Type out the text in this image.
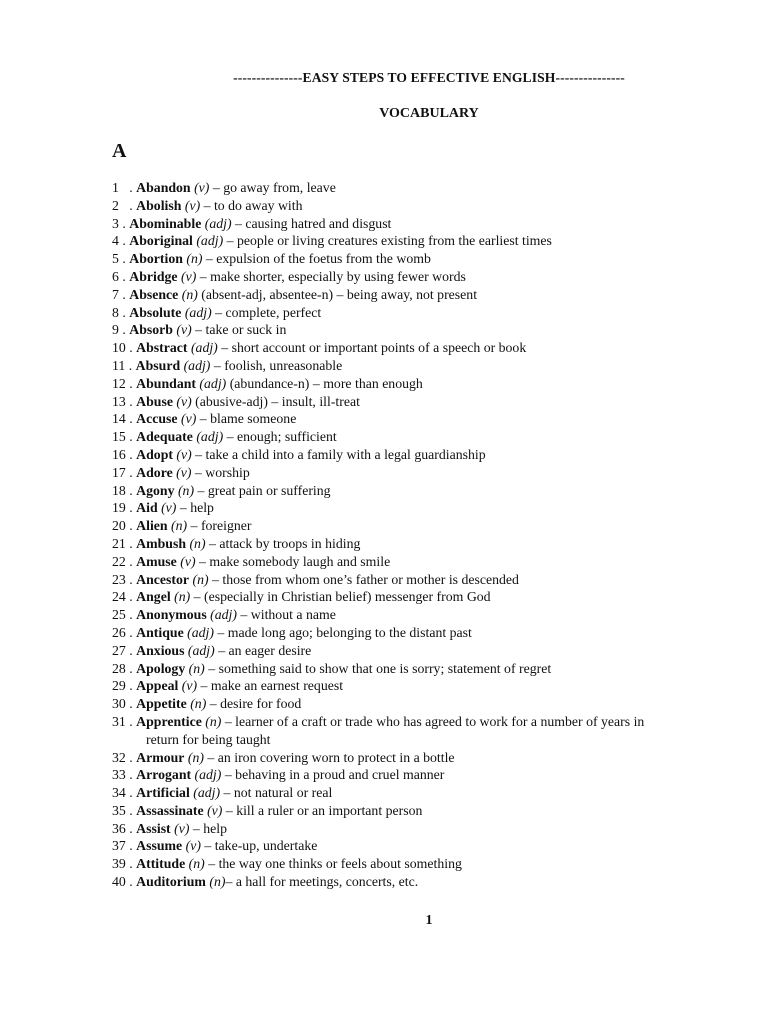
---------------EASY STEPS TO EFFECTIVE ENGLISH---------------
VOCABULARY
A
1   . Abandon (v) – go away from, leave
2   . Abolish (v) – to do away with
3 . Abominable (adj) – causing hatred and disgust
4 . Aboriginal (adj) – people or living creatures existing from the earliest times
5 . Abortion (n) – expulsion of the foetus from the womb
6 . Abridge (v) – make shorter, especially by using fewer words
7 . Absence (n) (absent-adj, absentee-n) – being away, not present
8 . Absolute (adj) – complete, perfect
9 . Absorb (v) – take or suck in
10 . Abstract (adj) – short account or important points of a speech or book
11 . Absurd (adj) – foolish, unreasonable
12 . Abundant (adj) (abundance-n) – more than enough
13 . Abuse (v) (abusive-adj) – insult, ill-treat
14 . Accuse (v) – blame someone
15 . Adequate (adj) – enough; sufficient
16 . Adopt (v) – take a child into a family with a legal guardianship
17 . Adore (v) – worship
18 . Agony (n) – great pain or suffering
19 . Aid (v) – help
20 . Alien (n) – foreigner
21 . Ambush (n) – attack by troops in hiding
22 . Amuse (v) – make somebody laugh and smile
23 . Ancestor (n) – those from whom one’s father or mother is descended
24 . Angel (n) – (especially in Christian belief) messenger from God
25 . Anonymous (adj) – without a name
26 . Antique (adj) – made long ago; belonging to the distant past
27 . Anxious (adj) – an eager desire
28 . Apology (n) – something said to show that one is sorry; statement of regret
29 . Appeal (v) – make an earnest request
30 . Appetite (n) – desire for food
31 . Apprentice (n) – learner of a craft or trade who has agreed to work for a number of years in
return for being taught
32 . Armour (n) – an iron covering worn to protect in a bottle
33 . Arrogant (adj) – behaving in a proud and cruel manner
34 . Artificial (adj) – not natural or real
35 . Assassinate (v) – kill a ruler or an important person
36 . Assist (v) – help
37 . Assume (v) – take-up, undertake
39 . Attitude (n) – the way one thinks or feels about something
40 . Auditorium (n)– a hall for meetings, concerts, etc.
1
